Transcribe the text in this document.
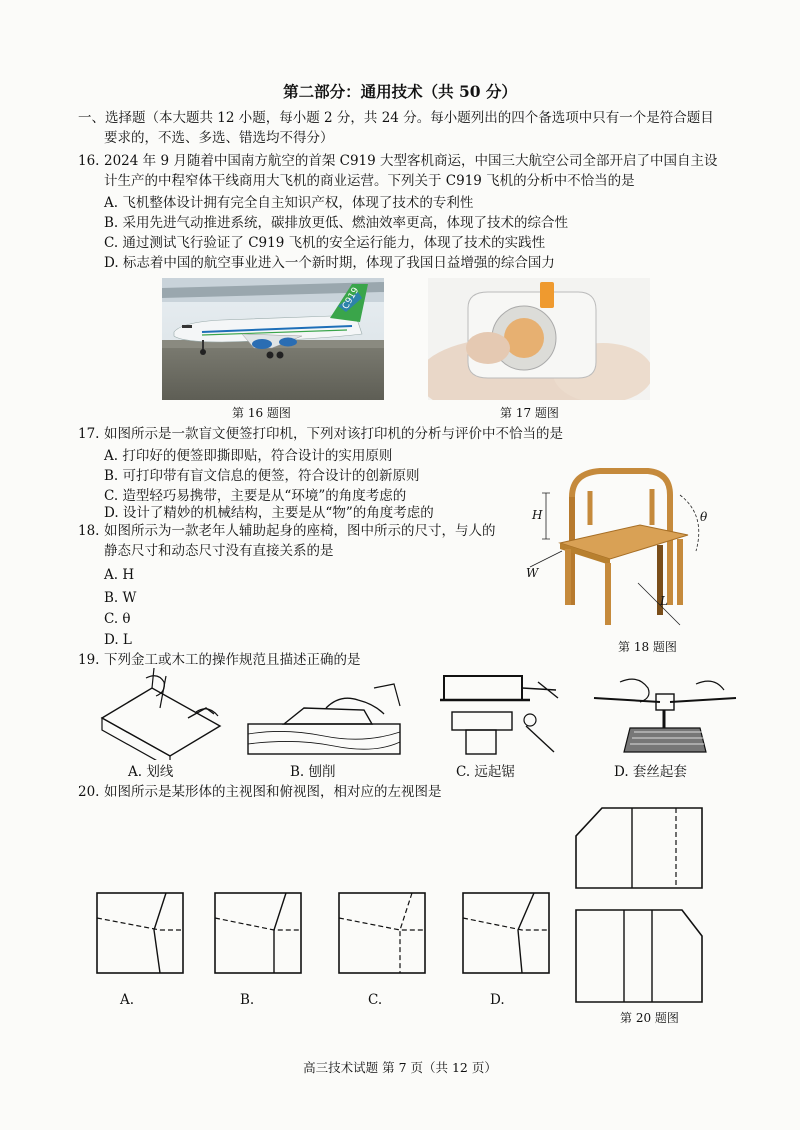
第二部分：通用技术（共 50 分）
一、选择题（本大题共 12 小题，每小题 2 分，共 24 分。每小题列出的四个备选项中只有一个是符合题目
要求的，不选、多选、错选均不得分）
16. 2024 年 9 月随着中国南方航空的首架 C919 大型客机商运，中国三大航空公司全部开启了中国自主设
计生产的中程窄体干线商用大飞机的商业运营。下列关于 C919 飞机的分析中不恰当的是
A. 飞机整体设计拥有完全自主知识产权，体现了技术的专利性
B. 采用先进气动推进系统，碳排放更低、燃油效率更高，体现了技术的综合性
C. 通过测试飞行验证了 C919 飞机的安全运行能力，体现了技术的实践性
D. 标志着中国的航空事业进入一个新时期，体现了我国日益增强的综合国力
C919
第 16 题图	第 17 题图
17. 如图所示是一款盲文便签打印机，下列对该打印机的分析与评价中不恰当的是
A. 打印好的便签即撕即贴，符合设计的实用原则
B. 可打印带有盲文信息的便签，符合设计的创新原则
C. 造型轻巧易携带，主要是从“环境”的角度考虑的
D. 设计了精妙的机械结构，主要是从“物”的角度考虑的
18. 如图所示为一款老年人辅助起身的座椅，图中所示的尺寸，与人的
静态尺寸和动态尺寸没有直接关系的是
A. H
B. W
C. θ
D. L
H
W
θ
L
第 18 题图
19. 下列金工或木工的操作规范且描述正确的是
A. 划线	B. 刨削	C. 远起锯	D. 套丝起套
20. 如图所示是某形体的主视图和俯视图，相对应的左视图是
第 20 题图
A.	B.	C.	D.
高三技术试题 第 7 页（共 12 页）
